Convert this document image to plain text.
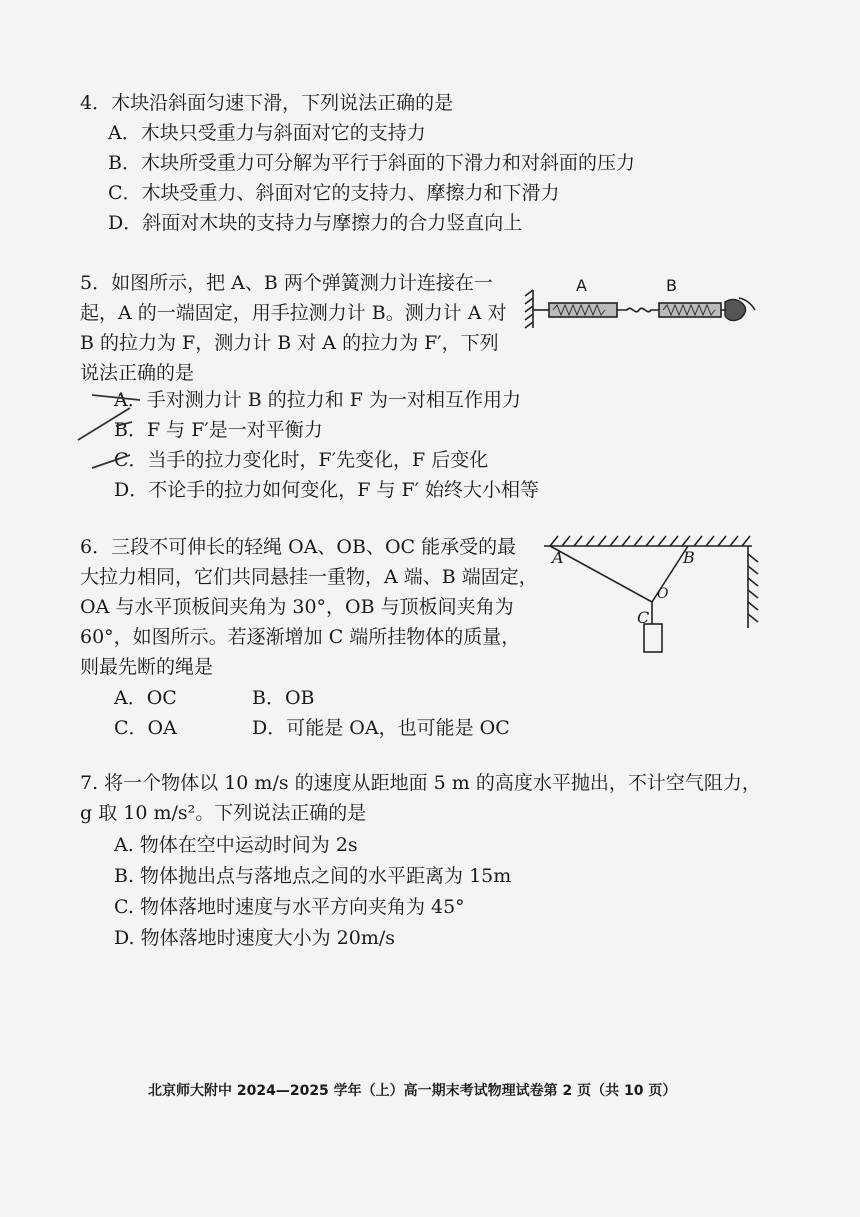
4．木块沿斜面匀速下滑，下列说法正确的是
A．木块只受重力与斜面对它的支持力
B．木块所受重力可分解为平行于斜面的下滑力和对斜面的压力
C．木块受重力、斜面对它的支持力、摩擦力和下滑力
D．斜面对木块的支持力与摩擦力的合力竖直向上
5．如图所示，把 A、B 两个弹簧测力计连接在一
起，A 的一端固定，用手拉测力计 B。测力计 A 对
B 的拉力为 F，测力计 B 对 A 的拉力为 F′，下列
说法正确的是
A．手对测力计 B 的拉力和 F 为一对相互作用力
B．F 与 F′是一对平衡力
C．当手的拉力变化时，F′先变化，F 后变化
D．不论手的拉力如何变化，F 与 F′ 始终大小相等
A	B
6．三段不可伸长的轻绳 OA、OB、OC 能承受的最
大拉力相同，它们共同悬挂一重物，A 端、B 端固定，
OA 与水平顶板间夹角为 30°，OB 与顶板间夹角为
60°，如图所示。若逐渐增加 C 端所挂物体的质量，
则最先断的绳是
A．OC	B．OB
C．OA	D．可能是 OA，也可能是 OC
A	B
O
C
7. 将一个物体以 10 m/s 的速度从距地面 5 m 的高度水平抛出，不计空气阻力，
g 取 10 m/s²。下列说法正确的是
A. 物体在空中运动时间为 2s
B. 物体抛出点与落地点之间的水平距离为 15m
C. 物体落地时速度与水平方向夹角为 45°
D. 物体落地时速度大小为 20m/s
北京师大附中 2024—2025 学年（上）高一期末考试物理试卷第 2 页（共 10 页）
